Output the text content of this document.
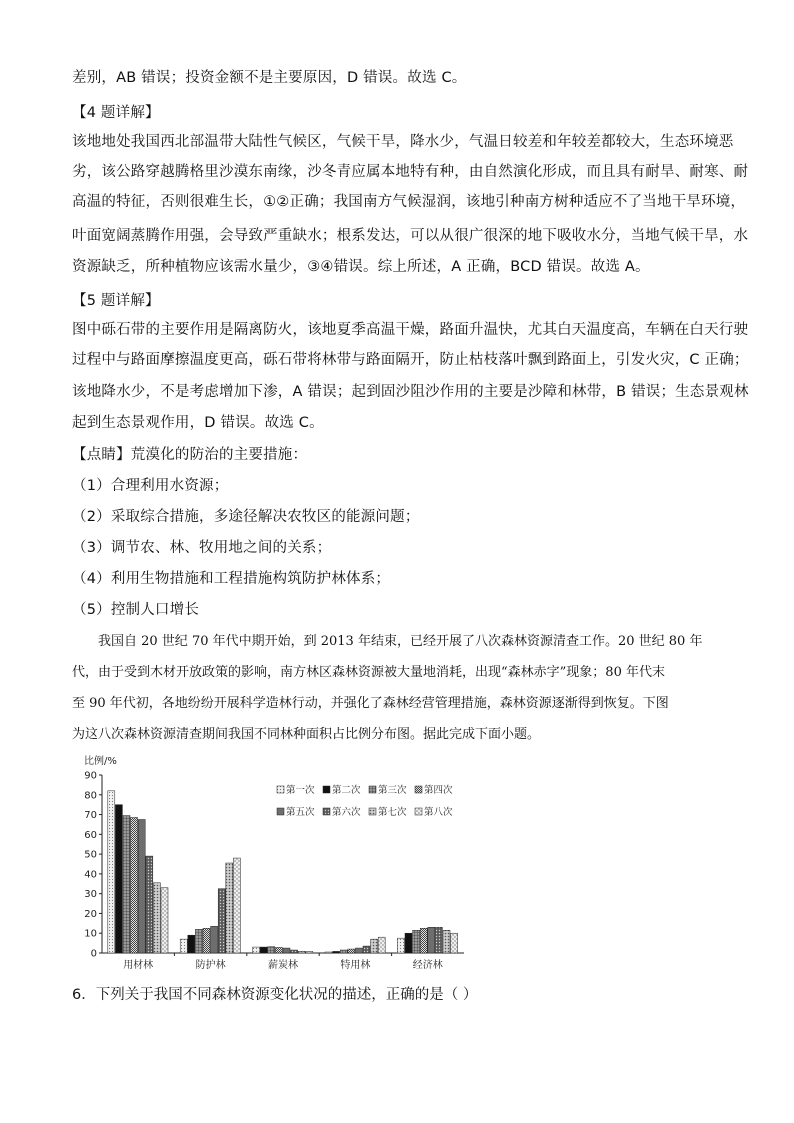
差别，AB 错误；投资金额不是主要原因，D 错误。故选 C。
【4 题详解】
该地地处我国西北部温带大陆性气候区，气候干旱，降水少，气温日较差和年较差都较大，生态环境恶
劣，该公路穿越腾格里沙漠东南缘，沙冬青应属本地特有种，由自然演化形成，而且具有耐旱、耐寒、耐
高温的特征，否则很难生长，①②正确；我国南方气候湿润，该地引种南方树种适应不了当地干旱环境，
叶面宽阔蒸腾作用强，会导致严重缺水；根系发达，可以从很广很深的地下吸收水分，当地气候干旱，水
资源缺乏，所种植物应该需水量少，③④错误。综上所述，A 正确，BCD 错误。故选 A。
【5 题详解】
图中砾石带的主要作用是隔离防火，该地夏季高温干燥，路面升温快，尤其白天温度高，车辆在白天行驶
过程中与路面摩擦温度更高，砾石带将林带与路面隔开，防止枯枝落叶飘到路面上，引发火灾，C 正确；
该地降水少，不是考虑增加下渗，A 错误；起到固沙阻沙作用的主要是沙障和林带，B 错误；生态景观林
起到生态景观作用，D 错误。故选 C。
【点睛】荒漠化的防治的主要措施：
（1）合理利用水资源；
（2）采取综合措施，多途径解决农牧区的能源问题；
（3）调节农、林、牧用地之间的关系；
（4）利用生物措施和工程措施构筑防护林体系；
（5）控制人口增长

我国自 20 世纪 70 年代中期开始，到 2013 年结束，已经开展了八次森林资源清查工作。20 世纪 80 年

代，由于受到木材开放政策的影响，南方林区森林资源被大量地消耗，出现“森林赤字”现象；80 年代末

至 90 年代初，各地纷纷开展科学造林行动，并强化了森林经营管理措施，森林资源逐渐得到恢复。下图

为这八次森林资源清查期间我国不同林种面积占比例分布图。据此完成下面小题。

比例/%
0
10
20
30
40
50
60
70
80
90
用材林	防护林	薪炭林	特用林	经济林
第一次 第二次 第三次 第四次
第五次 第六次 第七次 第八次
6．下列关于我国不同森林资源变化状况的描述，正确的是（ ）
